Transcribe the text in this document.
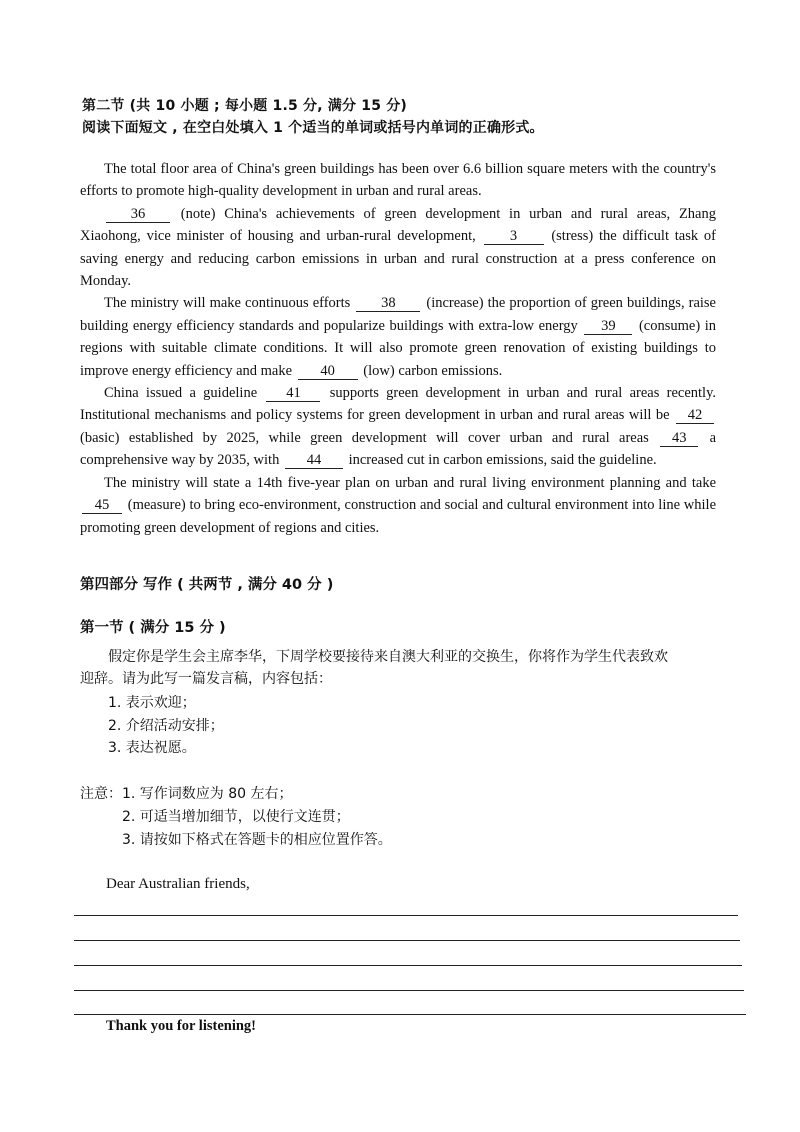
第二节 (共 10 小题 ; 每小题 1.5 分, 满分 15 分)
阅读下面短文 , 在空白处填入 1 个适当的单词或括号内单词的正确形式。
The total floor area of China's green buildings has been over 6.6 billion square meters with the country's efforts to promote high-quality development in urban and rural areas.
36 (note) China's achievements of green development in urban and rural areas, Zhang Xiaohong, vice minister of housing and urban-rural development, 3 (stress) the difficult task of saving energy and reducing carbon emissions in urban and rural construction at a press conference on Monday.
The ministry will make continuous efforts 38 (increase) the proportion of green buildings, raise building energy efficiency standards and popularize buildings with extra-low energy 39 (consume) in regions with suitable climate conditions. It will also promote green renovation of existing buildings to improve energy efficiency and make 40 (low) carbon emissions.
China issued a guideline 41 supports green development in urban and rural areas recently. Institutional mechanisms and policy systems for green development in urban and rural areas will be 42 (basic) established by 2025, while green development will cover urban and rural areas 43 a comprehensive way by 2035, with 44 increased cut in carbon emissions, said the guideline.
The ministry will state a 14th five-year plan on urban and rural living environment planning and take 45 (measure) to bring eco-environment, construction and social and cultural environment into line while promoting green development of regions and cities.
第四部分 写作 ( 共两节 , 满分 40 分 )
第一节 ( 满分 15 分 )
假定你是学生会主席李华，下周学校要接待来自澳大利亚的交换生，你将作为学生代表致欢
迎辞。请为此写一篇发言稿，内容包括：
1. 表示欢迎；
2. 介绍活动安排；
3. 表达祝愿。
注意： 1. 写作词数应为 80 左右；
2. 可适当增加细节，以使行文连贯；
3. 请按如下格式在答题卡的相应位置作答。
Dear Australian friends,
Thank you for listening!
